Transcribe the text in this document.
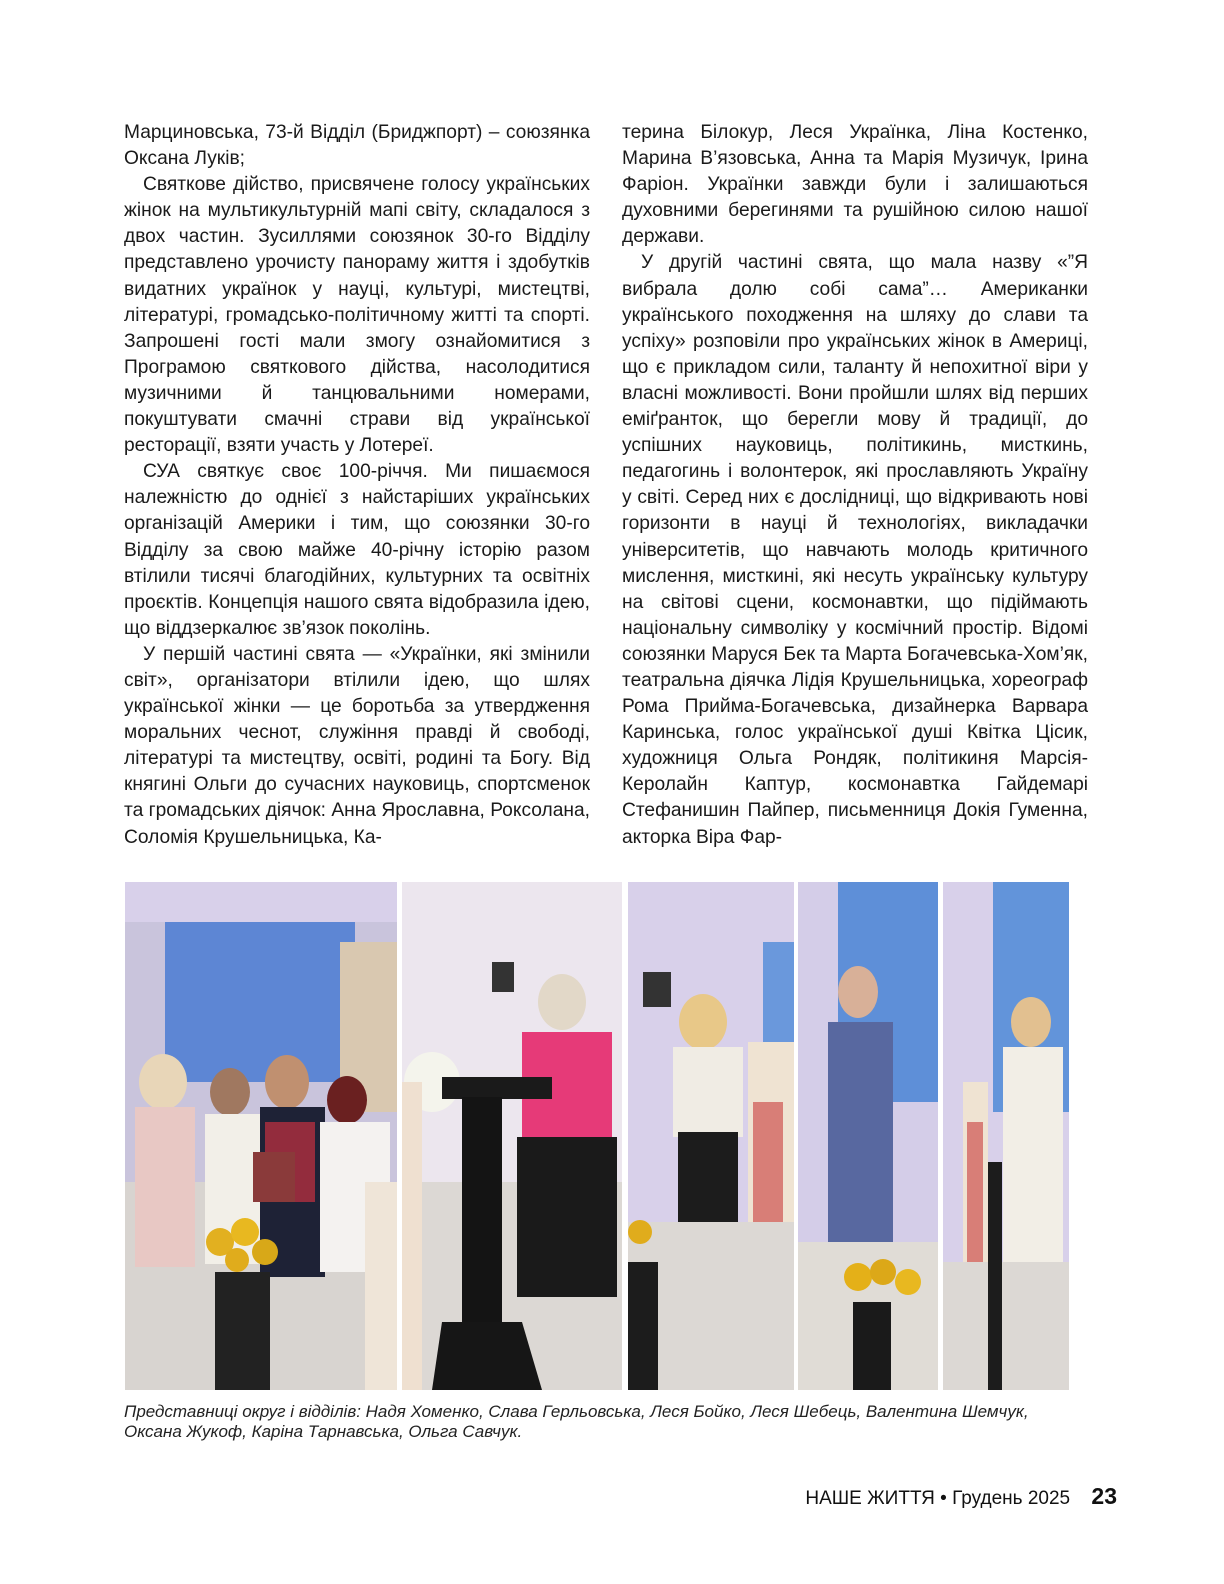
Марциновська, 73-й Відділ (Бриджпорт) – союзянка Оксана Луків;

Святкове дійство, присвячене голосу українських жінок на мультикультурній мапі світу, складалося з двох частин. Зусиллями союзянок 30-го Відділу представлено урочисту панораму життя і здобутків видатних українок у науці, культурі, мистецтві, літературі, громадсько-політичному житті та спорті. Запрошені гості мали змогу ознайомитися з Програмою святкового дійства, насолодитися музичними й танцювальними номерами, покуштувати смачні страви від української ресторації, взяти участь у Лотереї.

СУА святкує своє 100-річчя. Ми пишаємося належністю до однієї з найстаріших українських організацій Америки і тим, що союзянки 30-го Відділу за свою майже 40-річну історію разом втілили тисячі благодійних, культурних та освітніх проєктів. Концепція нашого свята відобразила ідею, що віддзеркалює зв’язок поколінь.

У першій частині свята — «Українки, які змінили світ», організатори втілили ідею, що шлях української жінки — це боротьба за утвердження моральних чеснот, служіння правді й свободі, літературі та мистецтву, освіті, родині та Богу. Від княгині Ольги до сучасних науковиць, спортсменок та громадських діячок: Анна Ярославна, Роксолана, Соломія Крушельницька, Ка-

терина Білокур, Леся Українка, Ліна Костенко, Марина В’язовська, Анна та Марія Музичук, Ірина Фаріон. Українки завжди були і залишаються духовними берегинями та рушійною силою нашої держави.

У другій частині свята, що мала назву «”Я вибрала долю собі сама”… Американки українського походження на шляху до слави та успіху» розповіли про українських жінок в Америці, що є прикладом сили, таланту й непохитної віри у власні можливості. Вони пройшли шлях від перших еміґранток, що берегли мову й традиції, до успішних науковиць, політикинь, мисткинь, педагогинь і волонтерок, які прославляють Україну у світі. Серед них є дослідниці, що відкривають нові горизонти в науці й технологіях, викладачки університетів, що навчають молодь критичного мислення, мисткині, які несуть українську культуру на світові сцени, космонавтки, що підіймають національну символіку у космічний простір. Відомі союзянки Маруся Бек та Марта Богачевська-Хом’як, театральна діячка Лідія Крушельницька, хореограф Рома Прийма-Богачевська, дизайнерка Варвара Каринська, голос української душі Квітка Цісик, художниця Ольга Рондяк, політикиня Марсія-Керолайн Каптур, космонавтка Гайдемарі Стефанишин Пайпер, письменниця Докія Гуменна, акторка Віра Фар-

Представниці округ і відділів: Надя Хоменко, Слава Герльовська, Леся Бойко, Леся Шебець, Валентина Шемчук, Оксана Жукоф, Каріна Тарнавська, Ольга Савчук.
НАШЕ ЖИТТЯ • Грудень 2025 23
